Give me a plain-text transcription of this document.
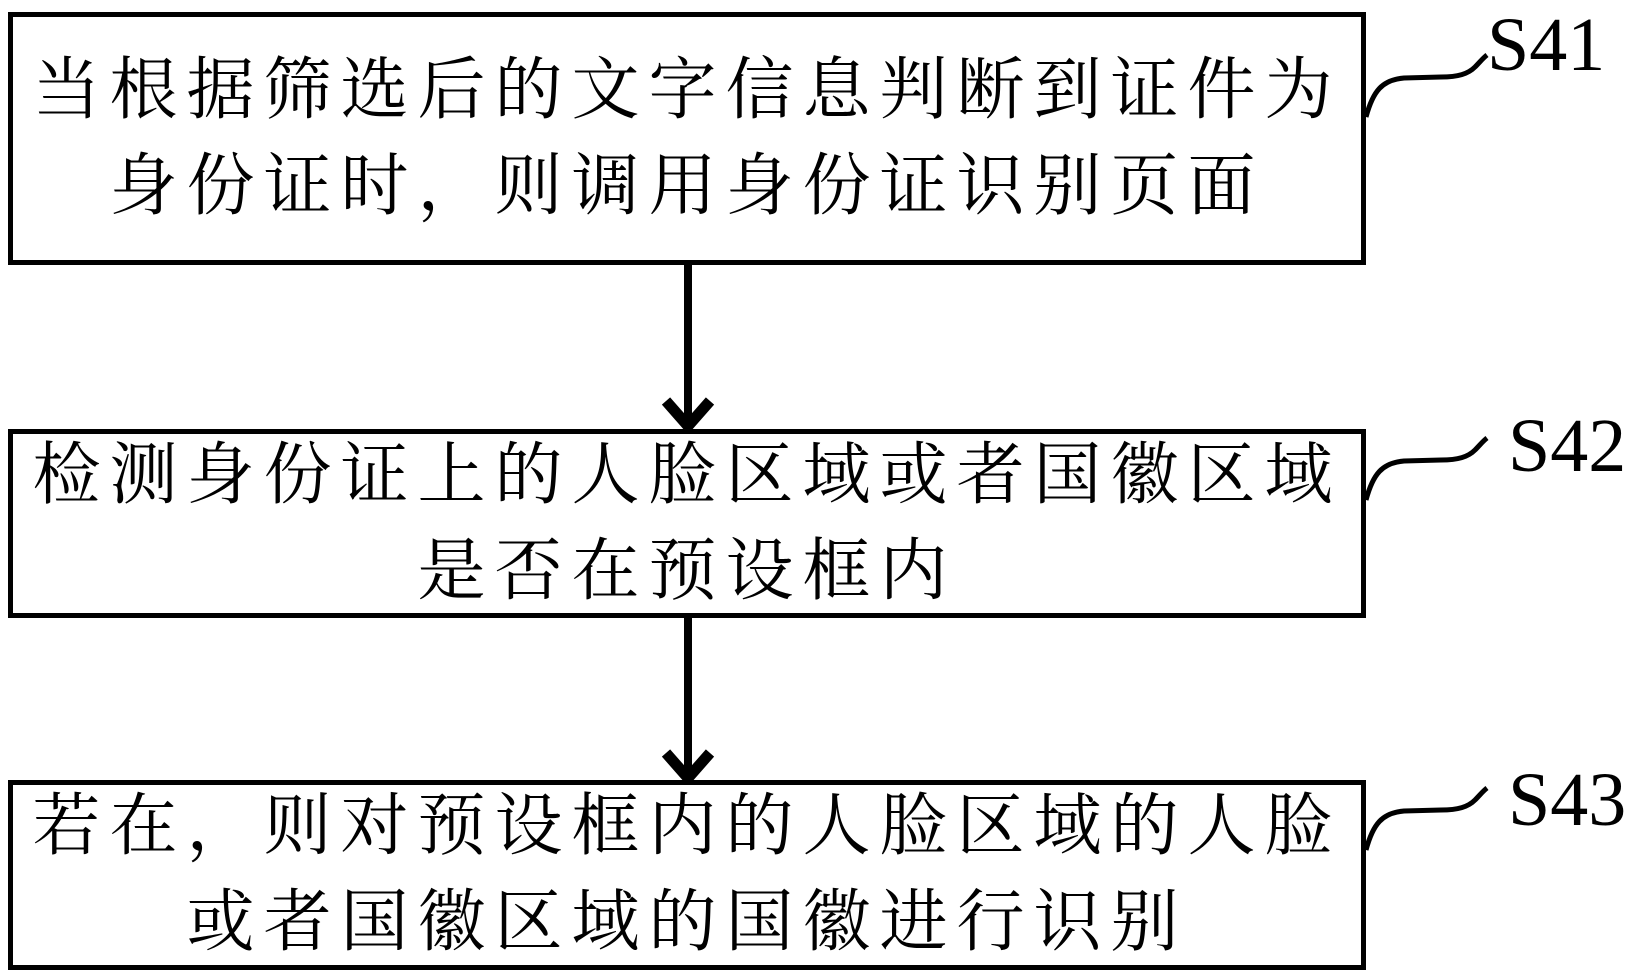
当根据筛选后的文字信息判断到证件为
身份证时，则调用身份证识别页面
检测身份证上的人脸区域或者国徽区域
是否在预设框内
若在，则对预设框内的人脸区域的人脸
或者国徽区域的国徽进行识别
S41
S42
S43
